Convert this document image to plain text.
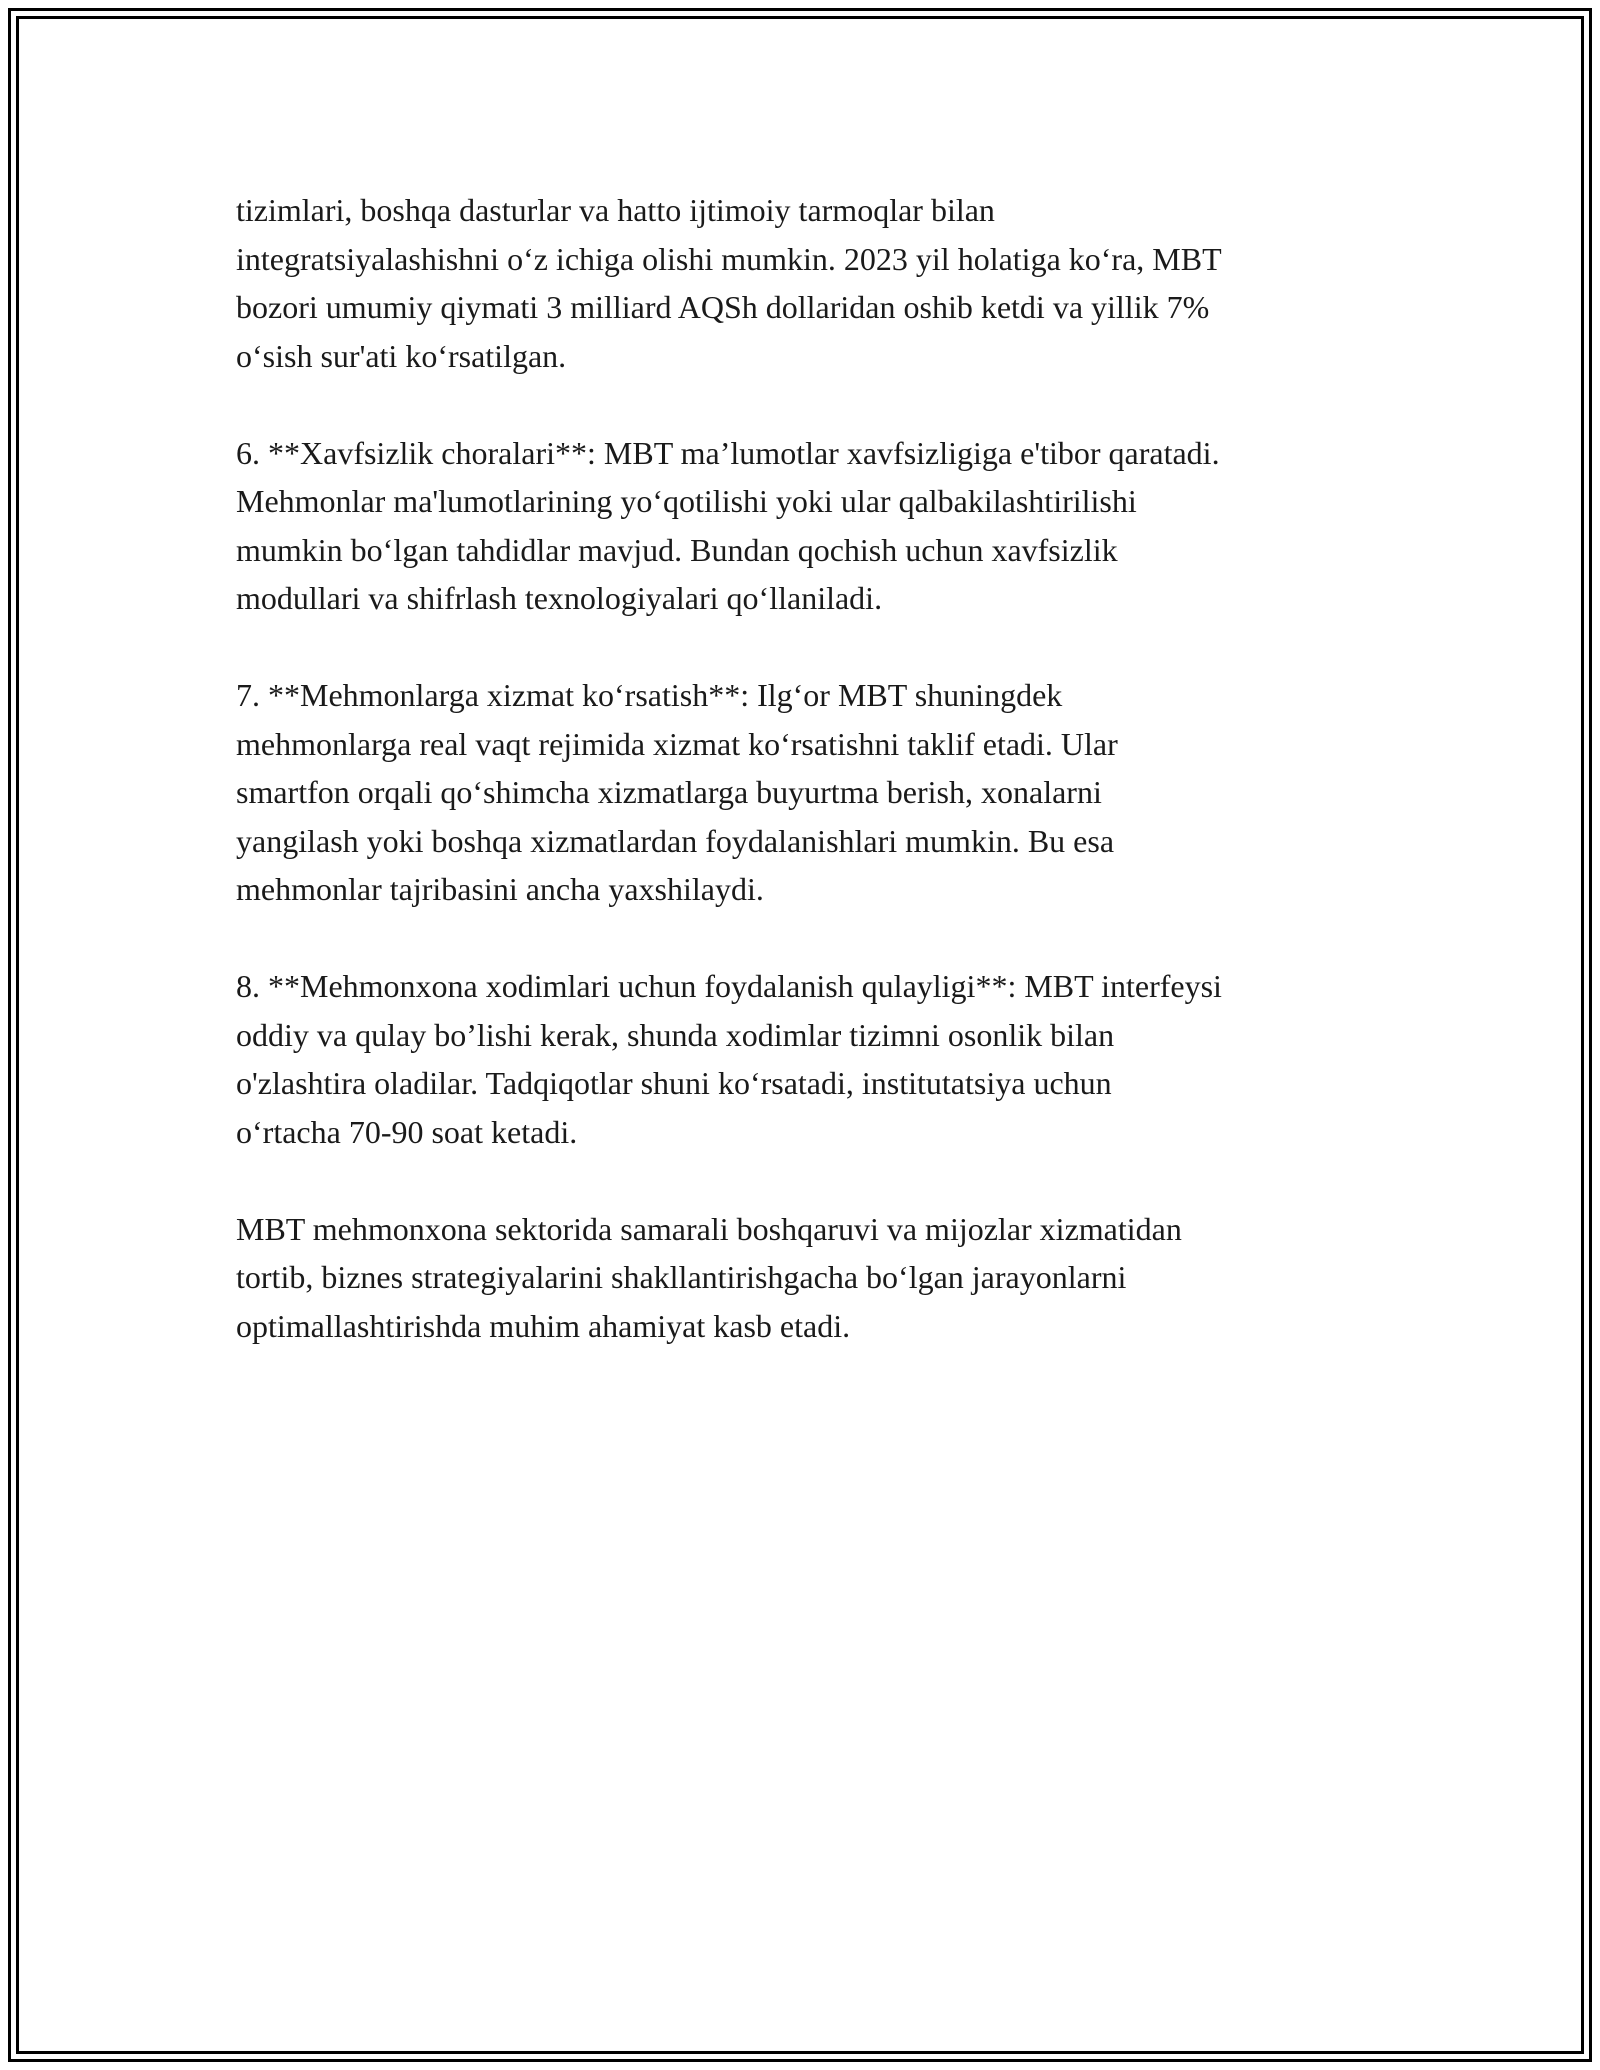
tizimlari, boshqa dasturlar va hatto ijtimoiy tarmoqlar bilan
integratsiyalashishni o‘z ichiga olishi mumkin. 2023 yil holatiga ko‘ra, MBT
bozori umumiy qiymati 3 milliard AQSh dollaridan oshib ketdi va yillik 7%
o‘sish sur'ati ko‘rsatilgan.

6. **Xavfsizlik choralari**: MBT ma’lumotlar xavfsizligiga e'tibor qaratadi.
Mehmonlar ma'lumotlarining yo‘qotilishi yoki ular qalbakilashtirilishi
mumkin bo‘lgan tahdidlar mavjud. Bundan qochish uchun xavfsizlik
modullari va shifrlash texnologiyalari qo‘llaniladi.

7. **Mehmonlarga xizmat ko‘rsatish**: Ilg‘or MBT shuningdek
mehmonlarga real vaqt rejimida xizmat ko‘rsatishni taklif etadi. Ular
smartfon orqali qo‘shimcha xizmatlarga buyurtma berish, xonalarni
yangilash yoki boshqa xizmatlardan foydalanishlari mumkin. Bu esa
mehmonlar tajribasini ancha yaxshilaydi.

8. **Mehmonxona xodimlari uchun foydalanish qulayligi**: MBT interfeysi
oddiy va qulay bo’lishi kerak, shunda xodimlar tizimni osonlik bilan
o'zlashtira oladilar. Tadqiqotlar shuni ko‘rsatadi, institutatsiya uchun
o‘rtacha 70-90 soat ketadi.

MBT mehmonxona sektorida samarali boshqaruvi va mijozlar xizmatidan
tortib, biznes strategiyalarini shakllantirishgacha bo‘lgan jarayonlarni
optimallashtirishda muhim ahamiyat kasb etadi.
